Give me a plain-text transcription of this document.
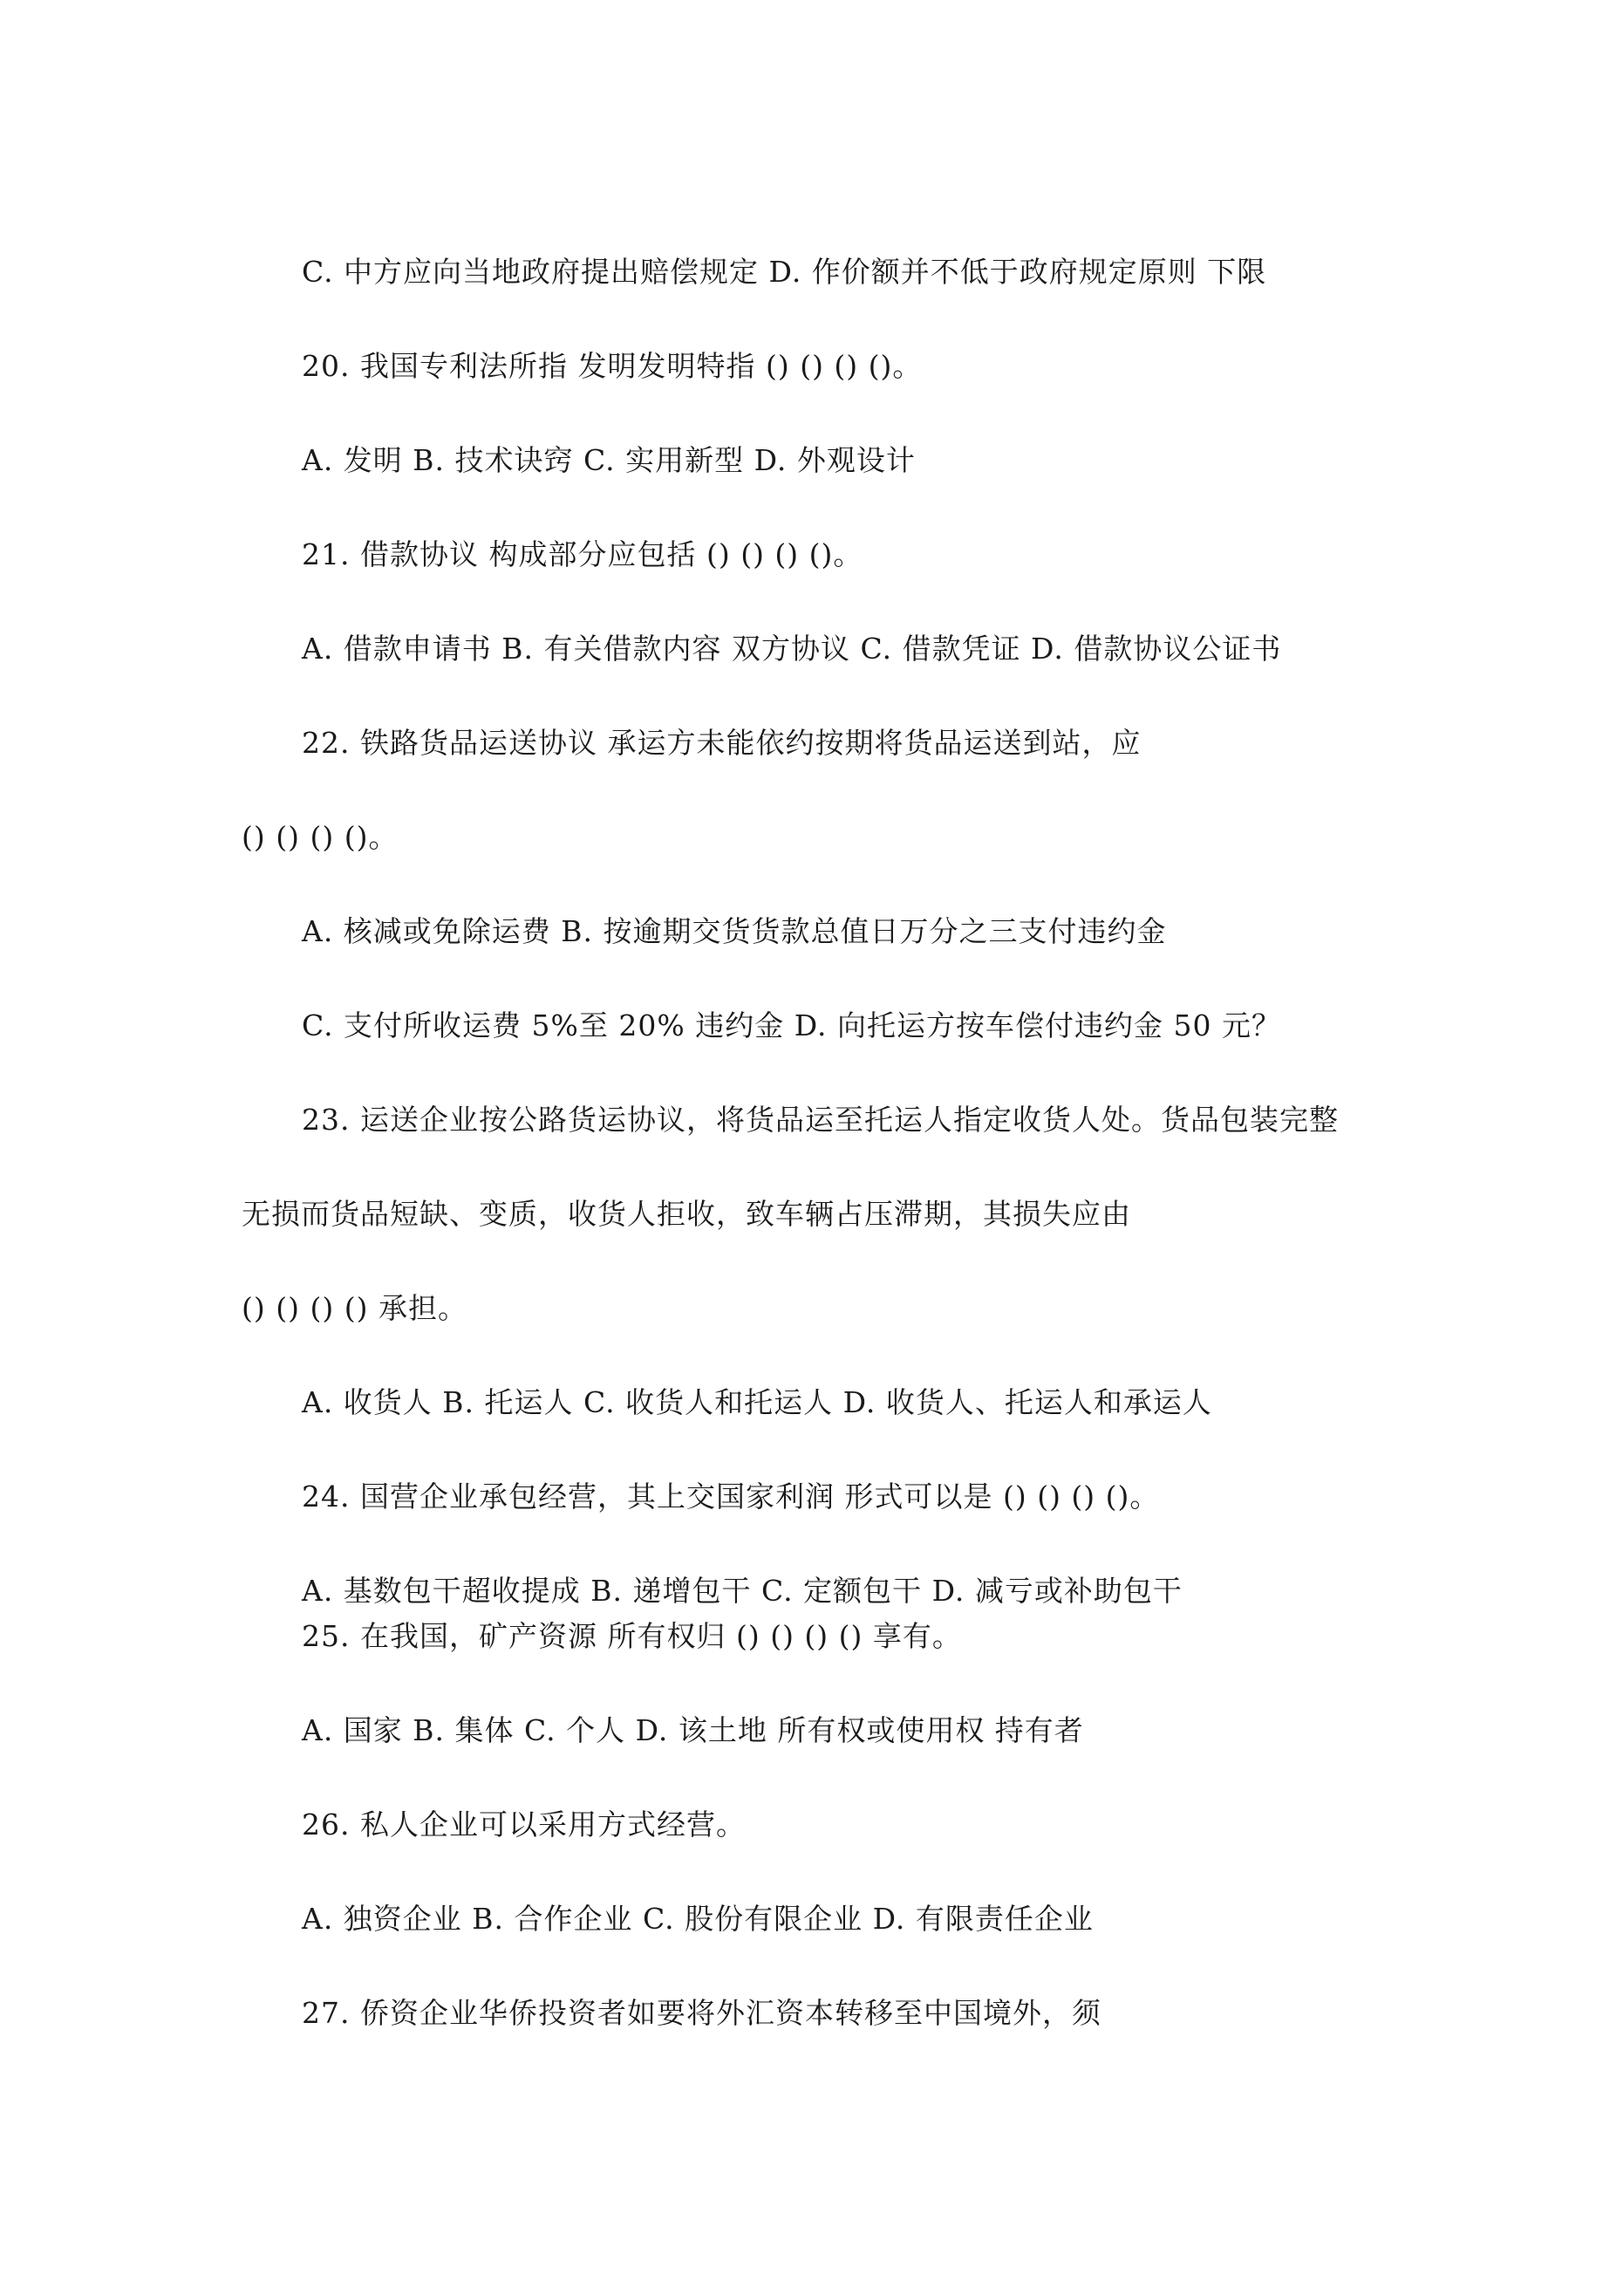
C. 中方应向当地政府提出赔偿规定 D. 作价额并不低于政府规定原则 下限
20. 我国专利法所指 发明发明特指 () () () ()。
A. 发明 B. 技术诀窍 C. 实用新型 D. 外观设计
21. 借款协议 构成部分应包括 () () () ()。
A. 借款申请书 B. 有关借款内容 双方协议 C. 借款凭证 D. 借款协议公证书
22. 铁路货品运送协议 承运方未能依约按期将货品运送到站，应
() () () ()。
A. 核减或免除运费 B. 按逾期交货货款总值日万分之三支付违约金
C. 支付所收运费 5%至 20% 违约金 D. 向托运方按车偿付违约金 50 元？
23. 运送企业按公路货运协议，将货品运至托运人指定收货人处。货品包装完整
无损而货品短缺、变质，收货人拒收，致车辆占压滞期，其损失应由
() () () () 承担。
A. 收货人 B. 托运人 C. 收货人和托运人 D. 收货人、托运人和承运人
24. 国营企业承包经营，其上交国家利润 形式可以是 () () () ()。
A. 基数包干超收提成 B. 递增包干 C. 定额包干 D. 减亏或补助包干
25. 在我国，矿产资源 所有权归 () () () () 享有。
A. 国家 B. 集体 C. 个人 D. 该土地 所有权或使用权 持有者
26. 私人企业可以采用方式经营。
A. 独资企业 B. 合作企业 C. 股份有限企业 D. 有限责任企业
27. 侨资企业华侨投资者如要将外汇资本转移至中国境外，须
